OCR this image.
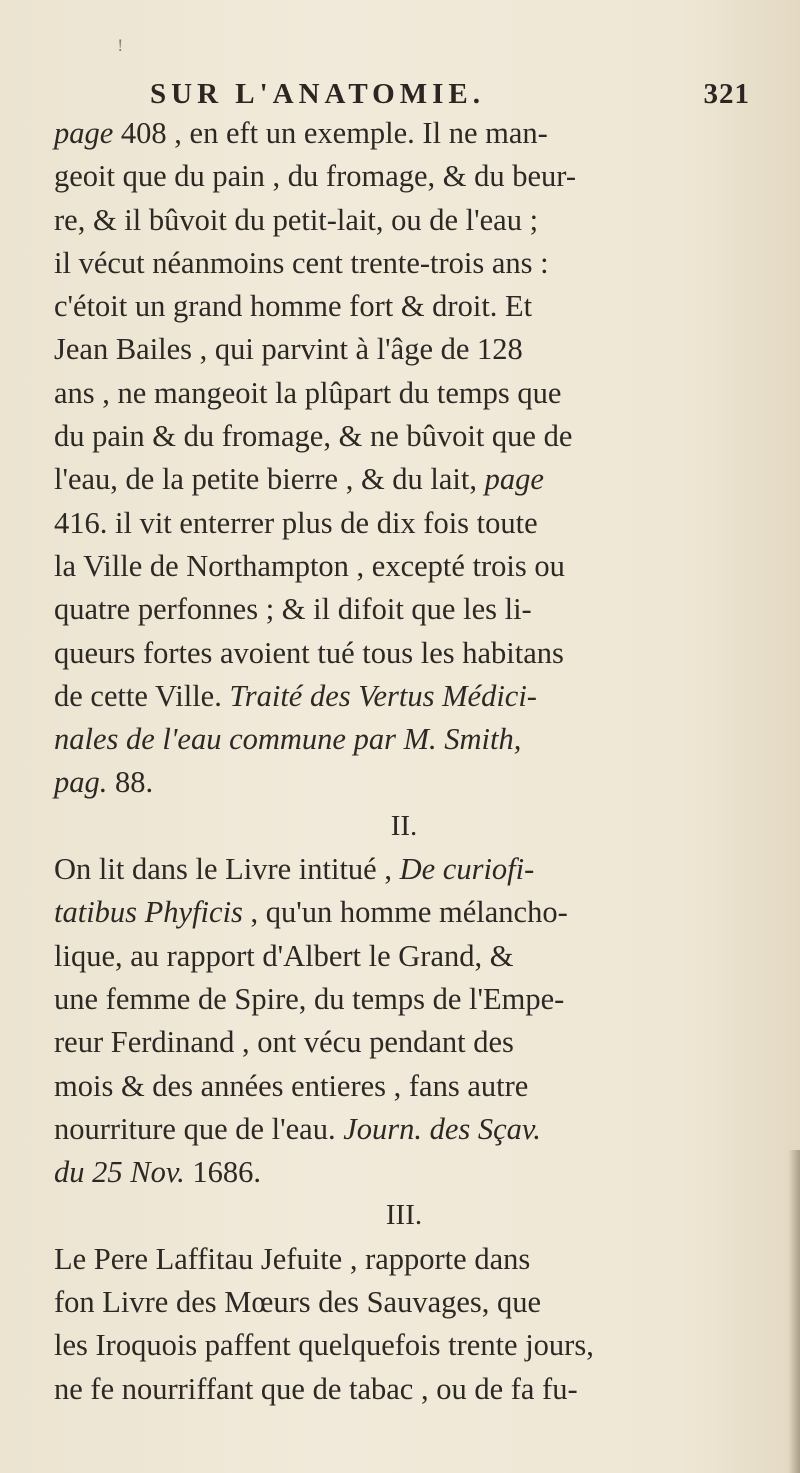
SUR L'ANATOMIE.	321
!
page 408 , en eft un exemple. Il ne man-
geoit que du pain , du fromage, & du beur-
re, & il bûvoit du petit-lait, ou de l'eau ;
il vécut néanmoins cent trente-trois ans :
c'étoit un grand homme fort & droit. Et
Jean Bailes , qui parvint à l'âge de 128
ans , ne mangeoit la plûpart du temps que
du pain & du fromage, & ne bûvoit que de
l'eau, de la petite bierre , & du lait, page
416. il vit enterrer plus de dix fois toute
la Ville de Northampton , excepté trois ou
quatre perfonnes ; & il difoit que les li-
queurs fortes avoient tué tous les habitans
de cette Ville. Traité des Vertus Médici-
nales de l'eau commune par M. Smith,
pag. 88.
II.
On lit dans le Livre intitué , De curiofi-
tatibus Phyficis , qu'un homme mélancho-
lique, au rapport d'Albert le Grand, &
une femme de Spire, du temps de l'Empe-
reur Ferdinand , ont vécu pendant des
mois & des années entieres , fans autre
nourriture que de l'eau. Journ. des Sçav.
du 25 Nov. 1686.
III.
Le Pere Laffitau Jefuite , rapporte dans
fon Livre des Mœurs des Sauvages, que
les Iroquois paffent quelquefois trente jours,
ne fe nourriffant que de tabac , ou de fa fu-
